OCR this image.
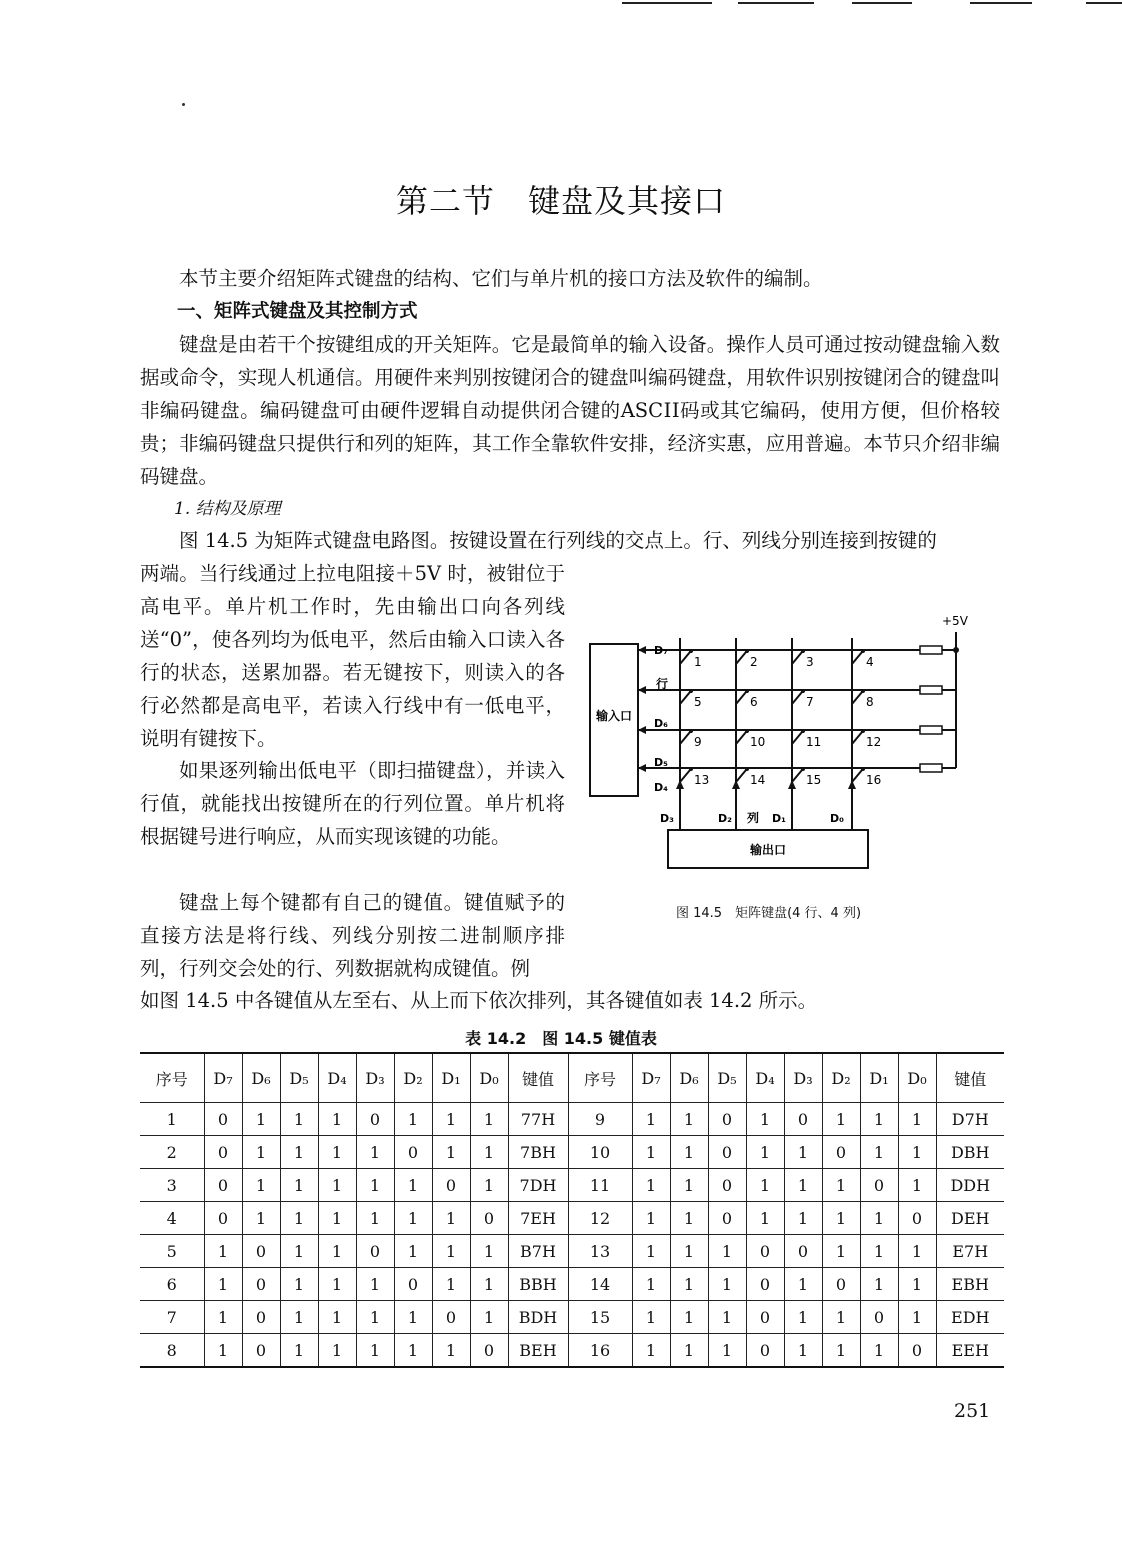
第二节　键盘及其接口

本节主要介绍矩阵式键盘的结构、它们与单片机的接口方法及软件的编制。

一、矩阵式键盘及其控制方式

键盘是由若干个按键组成的开关矩阵。它是最简单的输入设备。操作人员可通过按动键盘输入数据或命令，实现人机通信。用硬件来判别按键闭合的键盘叫编码键盘，用软件识别按键闭合的键盘叫非编码键盘。编码键盘可由硬件逻辑自动提供闭合键的ASCⅠⅠ码或其它编码，使用方便，但价格较贵；非编码键盘只提供行和列的矩阵，其工作全靠软件安排，经济实惠，应用普遍。本节只介绍非编码键盘。

1. 结构及原理

图 14.5 为矩阵式键盘电路图。按键设置在行列线的交点上。行、列线分别连接到按键的

两端。当行线通过上拉电阻接＋5V 时，被钳位于高电平。单片机工作时，先由输出口向各列线送“0”，使各列均为低电平，然后由输入口读入各行的状态，送累加器。若无键按下，则读入的各行必然都是高电平，若读入行线中有一低电平，说明有键按下。

如果逐列输出低电平（即扫描键盘），并读入行值，就能找出按键所在的行列位置。单片机将根据键号进行响应，从而实现该键的功能。

键盘上每个键都有自己的键值。键值赋予的直接方法是将行线、列线分别按二进制顺序排列，行列交会处的行、列数据就构成键值。例

如图 14.5 中各键值从左至右、从上而下依次排列，其各键值如表 14.2 所示。

输入口
输出口
+5V
1	2	3	4
5	6	7	8
9	10	11	12
13	14	15	16
行
列
D₇
D₆
D₅
D₄
D₃	D₂	D₁	D₀
图 14.5　矩阵键盘(4 行、4 列)
表 14.2　图 14.5 键值表
序号	D₇	D₆	D₅	D₄	D₃	D₂	D₁	D₀	键值	序号	D₇	D₆	D₅	D₄	D₃	D₂	D₁	D₀	键值
1	0	1	1	1	0	1	1	1	77H	9	1	1	0	1	0	1	1	1	D7H
2	0	1	1	1	1	0	1	1	7BH	10	1	1	0	1	1	0	1	1	DBH
3	0	1	1	1	1	1	0	1	7DH	11	1	1	0	1	1	1	0	1	DDH
4	0	1	1	1	1	1	1	0	7EH	12	1	1	0	1	1	1	1	0	DEH
5	1	0	1	1	0	1	1	1	B7H	13	1	1	1	0	0	1	1	1	E7H
6	1	0	1	1	1	0	1	1	BBH	14	1	1	1	0	1	0	1	1	EBH
7	1	0	1	1	1	1	0	1	BDH	15	1	1	1	0	1	1	0	1	EDH
8	1	0	1	1	1	1	1	0	BEH	16	1	1	1	0	1	1	1	0	EEH
251
